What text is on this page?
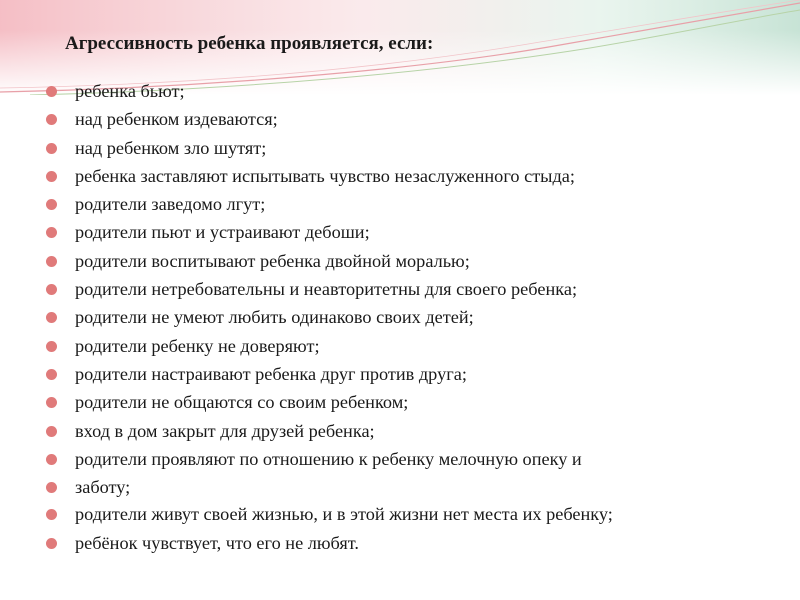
Агрессивность ребенка проявляется, если:
ребенка бьют;
над ребенком издеваются;
над ребенком зло шутят;
ребенка заставляют испытывать чувство незаслуженного стыда;
родители заведомо лгут;
родители пьют и устраивают дебоши;
родители воспитывают ребенка двойной моралью;
родители нетребовательны и неавторитетны для своего ребенка;
родители не умеют любить одинаково своих детей;
родители ребенку не доверяют;
родители настраивают ребенка друг против друга;
родители не общаются со своим ребенком;
вход в дом закрыт для друзей ребенка;
родители проявляют по отношению к ребенку мелочную опеку и
заботу;
родители живут своей жизнью, и в этой жизни нет места их ребенку;
ребёнок чувствует, что его не любят.
